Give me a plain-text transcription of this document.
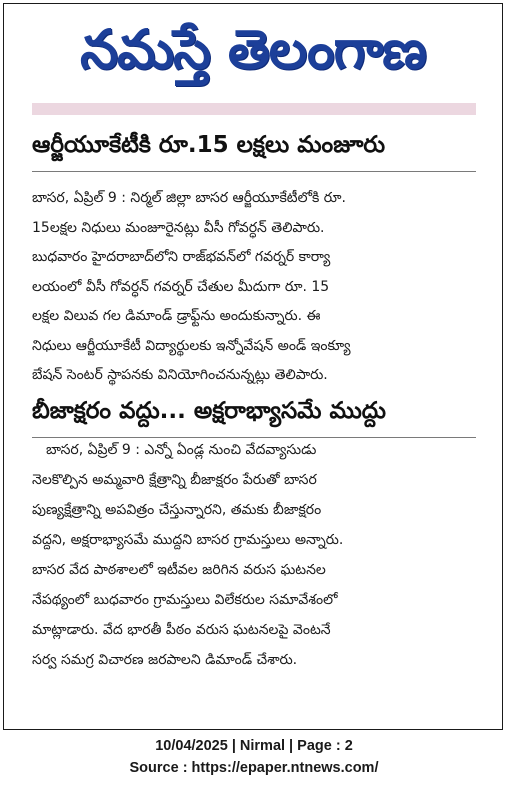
నమస్తే తెలంగాణ
ఆర్జీయూకేటీకి రూ.15 లక్షలు మంజూరు

బాసర, ఏప్రిల్ 9 : నిర్మల్ జిల్లా బాసర ఆర్జీయూకేటీలోకి రూ.
15లక్షల నిధులు మంజూరైనట్లు వీసీ గోవర్ధన్ తెలిపారు.
బుధవారం హైదరాబాద్‌లోని రాజ్‌భవన్‌లో గవర్నర్ కార్యా
లయంలో వీసీ గోవర్ధన్ గవర్నర్ చేతుల మీదుగా రూ. 15
లక్షల విలువ గల డిమాండ్ డ్రాఫ్ట్‌ను అందుకున్నారు. ఈ
నిధులు ఆర్జీయూకేటీ విద్యార్థులకు ఇన్నోవేషన్ అండ్ ఇంక్యూ
బేషన్ సెంటర్ స్థాపనకు వినియోగించనున్నట్లు తెలిపారు.

బీజాక్షరం వద్దు... అక్షరాభ్యాసమే ముద్దు

బాసర, ఏప్రిల్ 9 : ఎన్నో ఏండ్ల నుంచి వేదవ్యాసుడు
నెలకొల్పిన అమ్మవారి క్షేత్రాన్ని బీజాక్షరం పేరుతో బాసర
పుణ్యక్షేత్రాన్ని అపవిత్రం చేస్తున్నారని, తమకు బీజాక్షరం
వద్దని, అక్షరాభ్యాసమే ముద్దని బాసర గ్రామస్తులు అన్నారు.
బాసర వేద పాఠశాలలో ఇటీవల జరిగిన వరుస ఘటనల
నేపథ్యంలో బుధవారం గ్రామస్తులు విలేకరుల సమావేశంలో
మాట్లాడారు. వేద భారతీ పీఠం వరుస ఘటనలపై వెంటనే
సర్వ సమగ్ర విచారణ జరపాలని డిమాండ్ చేశారు.

10/04/2025 | Nirmal | Page : 2
Source : https://epaper.ntnews.com/
